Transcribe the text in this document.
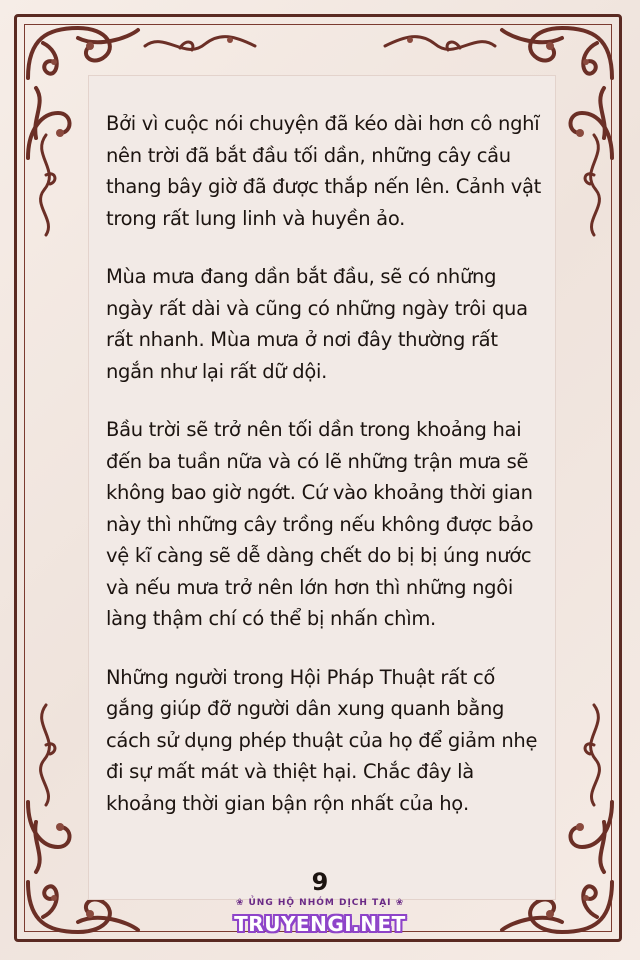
Bởi vì cuộc nói chuyện đã kéo dài hơn cô nghĩ nên trời đã bắt đầu tối dần, những cây cầu thang bây giờ đã được thắp nến lên. Cảnh vật trong rất lung linh và huyền ảo.

Mùa mưa đang dần bắt đầu, sẽ có những ngày rất dài và cũng có những ngày trôi qua rất nhanh. Mùa mưa ở nơi đây thường rất ngắn như lại rất dữ dội.

Bầu trời sẽ trở nên tối dần trong khoảng hai đến ba tuần nữa và có lẽ những trận mưa sẽ không bao giờ ngớt. Cứ vào khoảng thời gian này thì những cây trồng nếu không được bảo vệ kĩ càng sẽ dễ dàng chết do bị bị úng nước và nếu mưa trở nên lớn hơn thì những ngôi làng thậm chí có thể bị nhấn chìm.

Những người trong Hội Pháp Thuật rất cố gắng giúp đỡ người dân xung quanh bằng cách sử dụng phép thuật của họ để giảm nhẹ đi sự mất mát và thiệt hại. Chắc đây là khoảng thời gian bận rộn nhất của họ.

9
❀ ỦNG HỘ NHÓM DỊCH TẠI ❀
TRUYENGI.NET
